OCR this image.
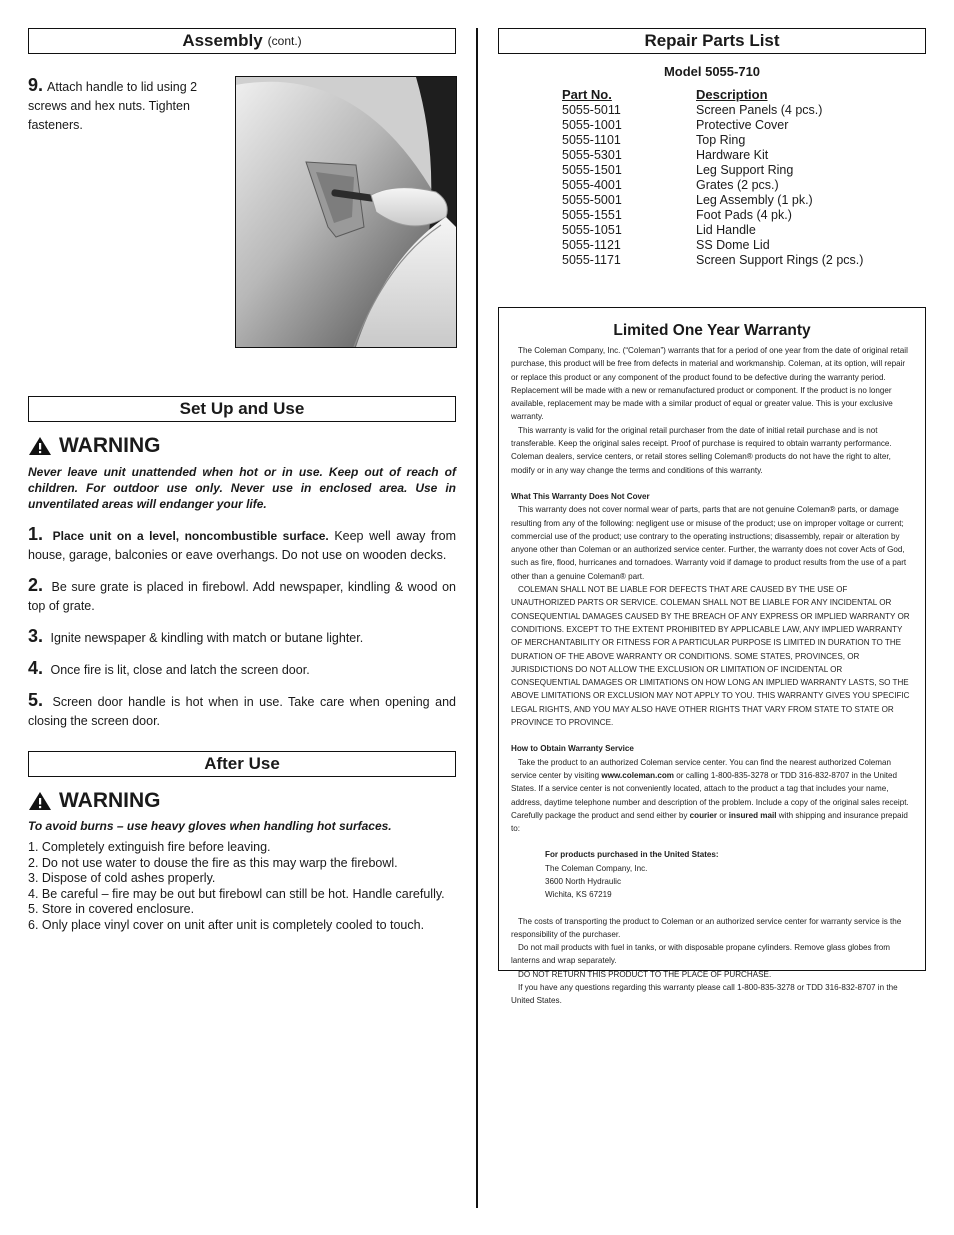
Assembly (cont.)
9. Attach handle to lid using 2 screws and hex nuts. Tighten fasteners.
Set Up and Use
WARNING
Never leave unit unattended when hot or in use. Keep out of reach of children. For outdoor use only. Never use in enclosed area. Use in unventilated areas will endanger your life.
1. Place unit on a level, noncombustible surface. Keep well away from house, garage, balconies or eave overhangs. Do not use on wooden decks.
2. Be sure grate is placed in firebowl. Add newspaper, kindling & wood on top of grate.
3. Ignite newspaper & kindling with match or butane lighter.
4. Once fire is lit, close and latch the screen door.
5. Screen door handle is hot when in use. Take care when opening and closing the screen door.
After Use
WARNING
To avoid burns – use heavy gloves when handling hot surfaces.
1. Completely extinguish fire before leaving.
2. Do not use water to douse the fire as this may warp the firebowl.
3. Dispose of cold ashes properly.
4. Be careful – fire may be out but firebowl can still be hot. Handle carefully.
5. Store in covered enclosure.
6. Only place vinyl cover on unit after unit is completely cooled to touch.
Repair Parts List
Model 5055-710
Part No.	Description
5055-5011	Screen Panels (4 pcs.)
5055-1001	Protective Cover
5055-1101	Top Ring
5055-5301	Hardware Kit
5055-1501	Leg Support Ring
5055-4001	Grates (2 pcs.)
5055-5001	Leg Assembly (1 pk.)
5055-1551	Foot Pads (4 pk.)
5055-1051	Lid Handle
5055-1121	SS Dome Lid
5055-1171	Screen Support Rings (2 pcs.)
Limited One Year Warranty

The Coleman Company, Inc. (“Coleman”) warrants that for a period of one year from the date of original retail purchase, this product will be free from defects in material and workmanship. Coleman, at its option, will repair or replace this product or any component of the product found to be defective during the warranty period. Replacement will be made with a new or remanufactured product or component. If the product is no longer available, replacement may be made with a similar product of equal or greater value. This is your exclusive warranty.

This warranty is valid for the original retail purchaser from the date of initial retail purchase and is not transferable. Keep the original sales receipt. Proof of purchase is required to obtain warranty performance. Coleman dealers, service centers, or retail stores selling Coleman® products do not have the right to alter, modify or in any way change the terms and conditions of this warranty.

What This Warranty Does Not Cover

This warranty does not cover normal wear of parts, parts that are not genuine Coleman® parts, or damage resulting from any of the following: negligent use or misuse of the product; use on improper voltage or current; commercial use of the product; use contrary to the operating instructions; disassembly, repair or alteration by anyone other than Coleman or an authorized service center. Further, the warranty does not cover Acts of God, such as fire, flood, hurricanes and tornadoes. Warranty void if damage to product results from the use of a part other than a genuine Coleman® part.

COLEMAN SHALL NOT BE LIABLE FOR DEFECTS THAT ARE CAUSED BY THE USE OF UNAUTHORIZED PARTS OR SERVICE. COLEMAN SHALL NOT BE LIABLE FOR ANY INCIDENTAL OR CONSEQUENTIAL DAMAGES CAUSED BY THE BREACH OF ANY EXPRESS OR IMPLIED WARRANTY OR CONDITIONS. EXCEPT TO THE EXTENT PROHIBITED BY APPLICABLE LAW, ANY IMPLIED WARRANTY OF MERCHANTABILITY OR FITNESS FOR A PARTICULAR PURPOSE IS LIMITED IN DURATION TO THE DURATION OF THE ABOVE WARRANTY OR CONDITIONS. SOME STATES, PROVINCES, OR JURISDICTIONS DO NOT ALLOW THE EXCLUSION OR LIMITATION OF INCIDENTAL OR CONSEQUENTIAL DAMAGES OR LIMITATIONS ON HOW LONG AN IMPLIED WARRANTY LASTS, SO THE ABOVE LIMITATIONS OR EXCLUSION MAY NOT APPLY TO YOU. THIS WARRANTY GIVES YOU SPECIFIC LEGAL RIGHTS, AND YOU MAY ALSO HAVE OTHER RIGHTS THAT VARY FROM STATE TO STATE OR PROVINCE TO PROVINCE.

How to Obtain Warranty Service

Take the product to an authorized Coleman service center. You can find the nearest authorized Coleman service center by visiting www.coleman.com or calling 1-800-835-3278 or TDD 316-832-8707 in the United States. If a service center is not conveniently located, attach to the product a tag that includes your name, address, daytime telephone number and description of the problem. Include a copy of the original sales receipt. Carefully package the product and send either by courier or insured mail with shipping and insurance prepaid to:

For products purchased in the United States:

The Coleman Company, Inc.

3600 North Hydraulic

Wichita, KS 67219

The costs of transporting the product to Coleman or an authorized service center for warranty service is the responsibility of the purchaser.

Do not mail products with fuel in tanks, or with disposable propane cylinders. Remove glass globes from lanterns and wrap separately.

DO NOT RETURN THIS PRODUCT TO THE PLACE OF PURCHASE.

If you have any questions regarding this warranty please call 1-800-835-3278 or TDD 316-832-8707 in the United States.
